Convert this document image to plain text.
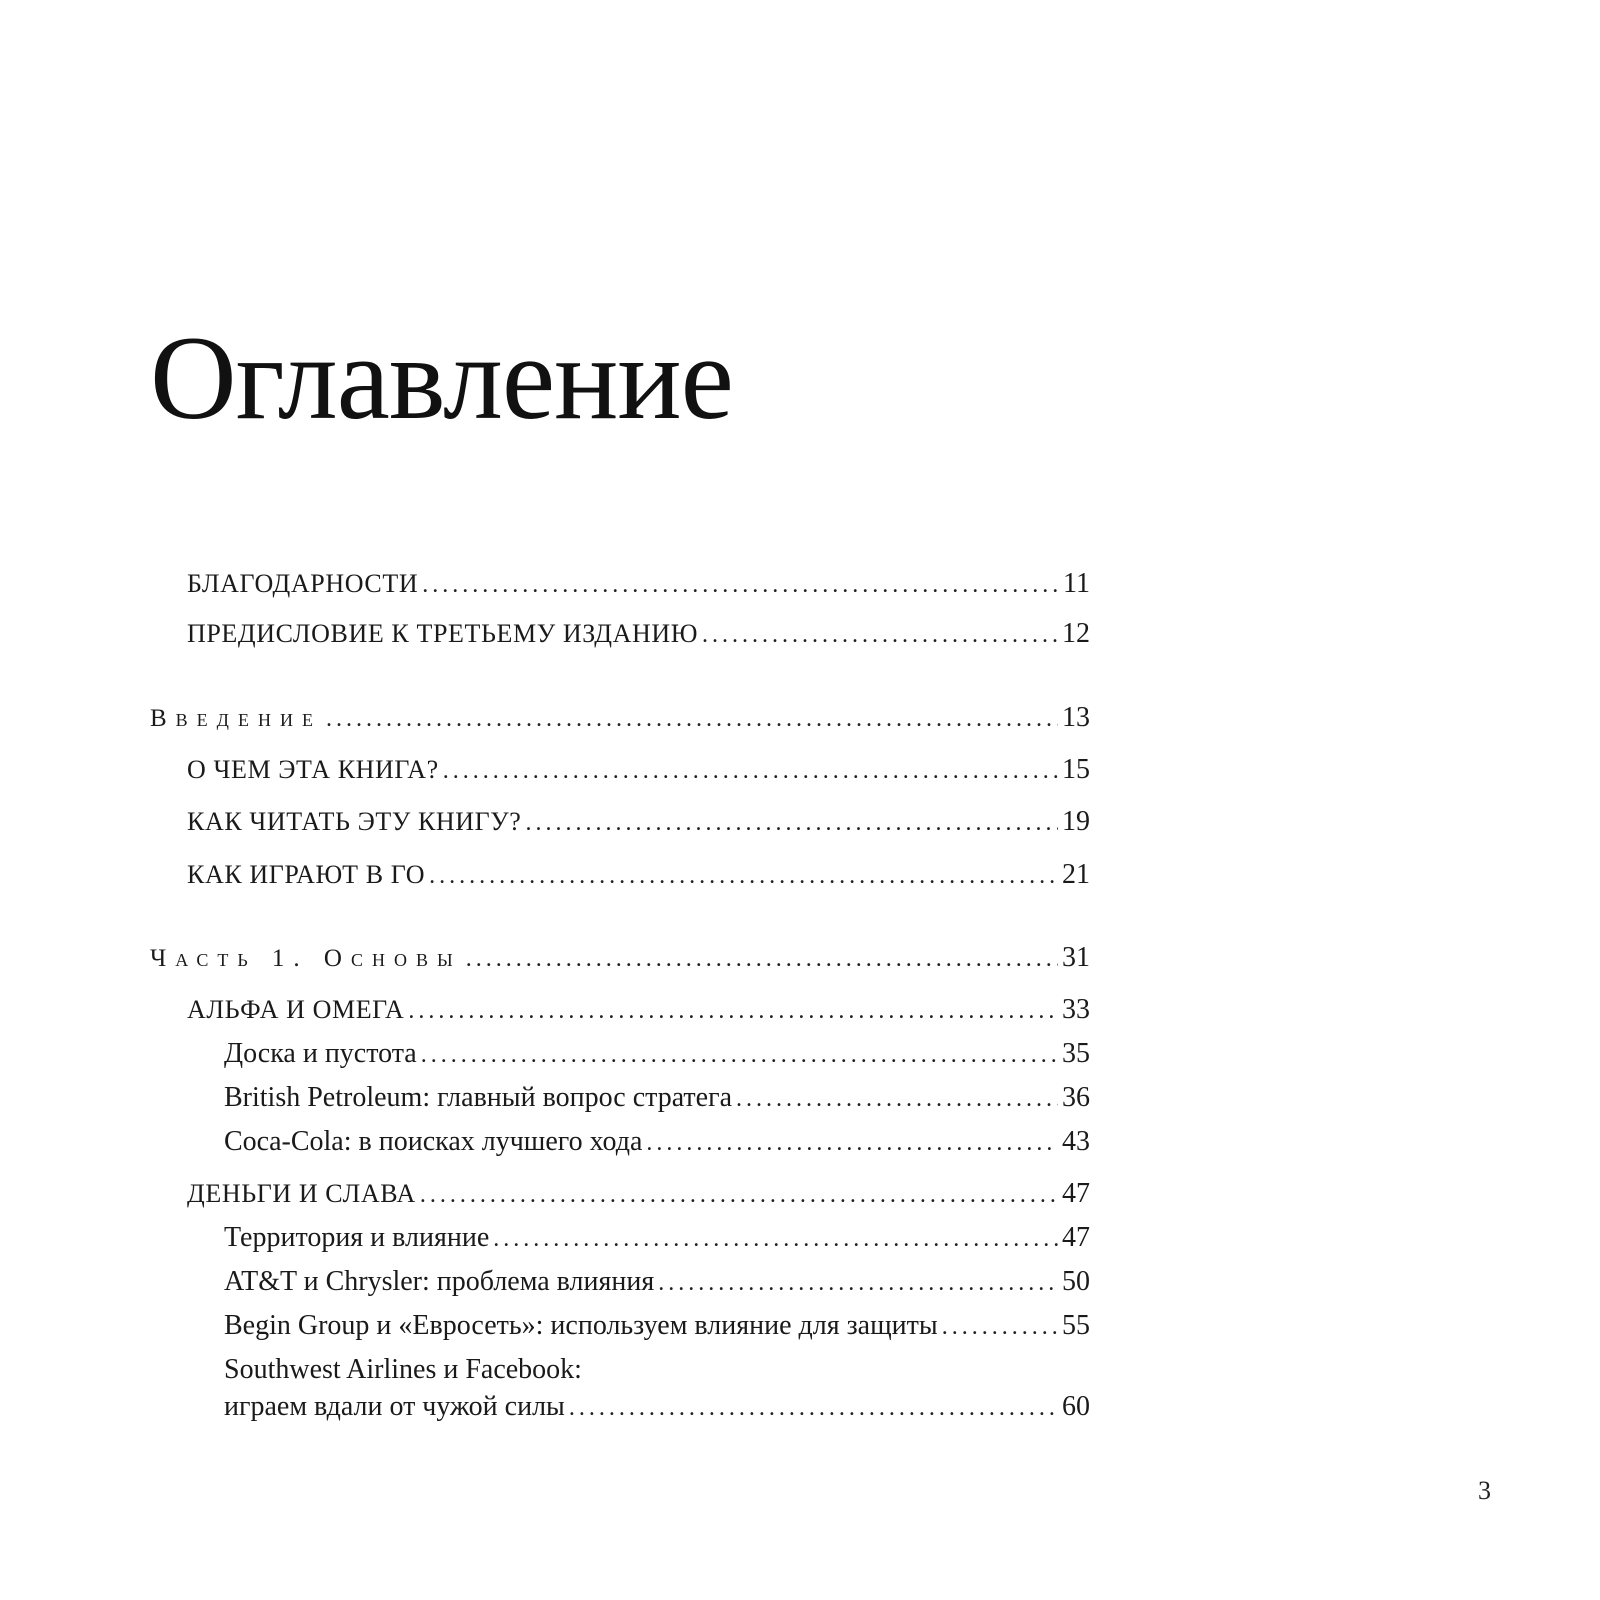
Оглавление
БЛАГОДАРНОСТИ . . .	11
ПРЕДИСЛОВИЕ К ТРЕТЬЕМУ ИЗДАНИЮ . . .	12
Введение . . .	13
О ЧЕМ ЭТА КНИГА? . . .	15
КАК ЧИТАТЬ ЭТУ КНИГУ? . . .	19
КАК ИГРАЮТ В ГО . . .	21
Часть 1. Основы . . .	31
АЛЬФА И ОМЕГА . . .	33
Доска и пустота . . .	35
British Petroleum: главный вопрос стратега . . .	36
Coca-Cola: в поисках лучшего хода . . .	43
ДЕНЬГИ И СЛАВА . . .	47
Территория и влияние . . .	47
AT&T и Chrysler: проблема влияния . . .	50
Begin Group и «Евросеть»: используем влияние для защиты . . .	55
Southwest Airlines и Facebook:
играем вдали от чужой силы . . .	60
3
